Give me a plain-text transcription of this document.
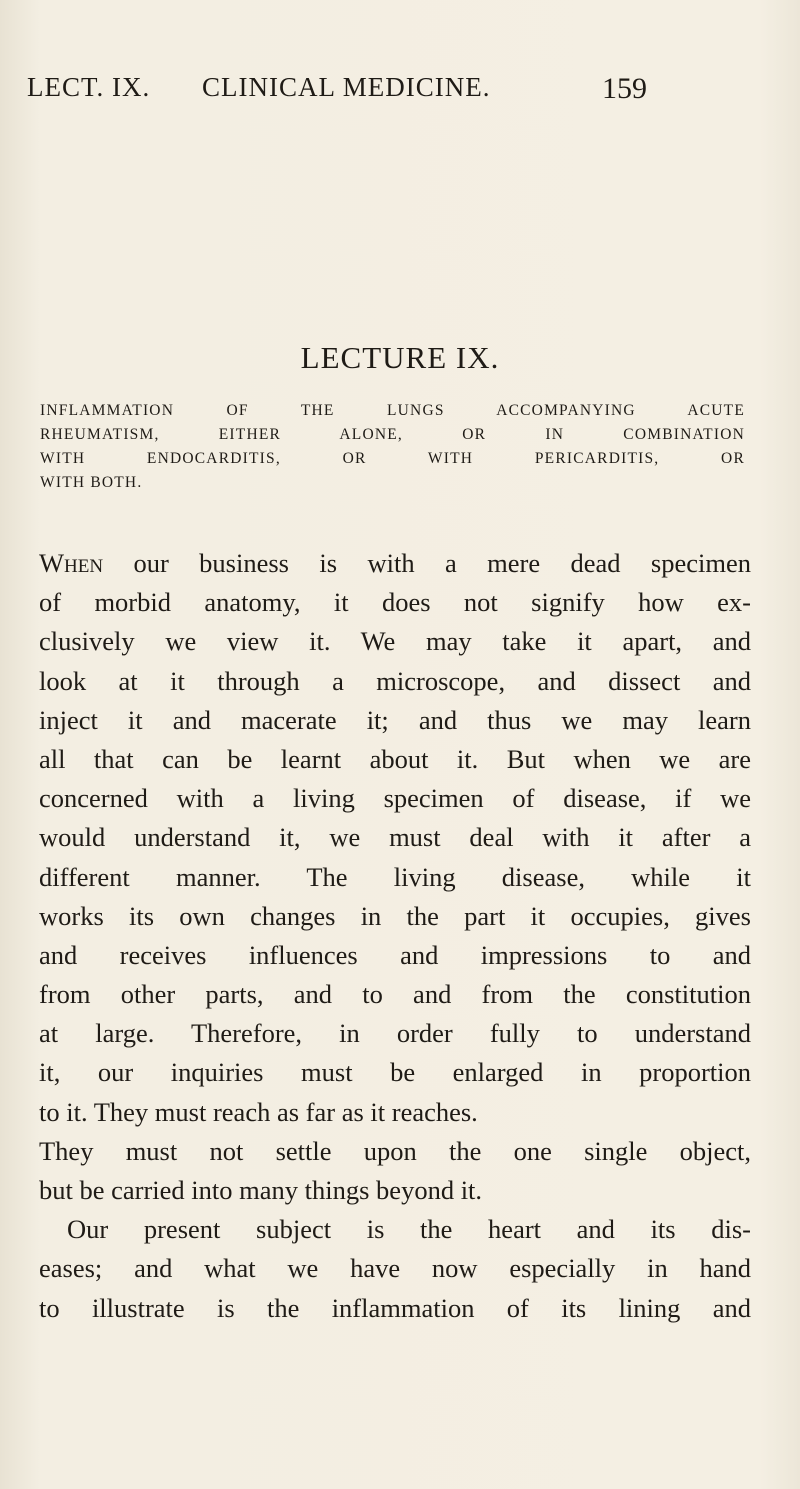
LECT. IX. CLINICAL MEDICINE.	159
LECTURE IX.
INFLAMMATION OF THE LUNGS ACCOMPANYING ACUTE
RHEUMATISM, EITHER ALONE, OR IN COMBINATION
WITH ENDOCARDITIS, OR WITH PERICARDITIS, OR
WITH BOTH.
When our business is with a mere dead specimen
of morbid anatomy, it does not signify how ex-
clusively we view it. We may take it apart, and
look at it through a microscope, and dissect and
inject it and macerate it; and thus we may learn
all that can be learnt about it. But when we are
concerned with a living specimen of disease, if we
would understand it, we must deal with it after a
different manner. The living disease, while it
works its own changes in the part it occupies, gives
and receives influences and impressions to and
from other parts, and to and from the constitution
at large. Therefore, in order fully to understand
it, our inquiries must be enlarged in proportion
to it. They must reach as far as it reaches.
They must not settle upon the one single object,
but be carried into many things beyond it.
Our present subject is the heart and its dis-
eases; and what we have now especially in hand
to illustrate is the inflammation of its lining and
